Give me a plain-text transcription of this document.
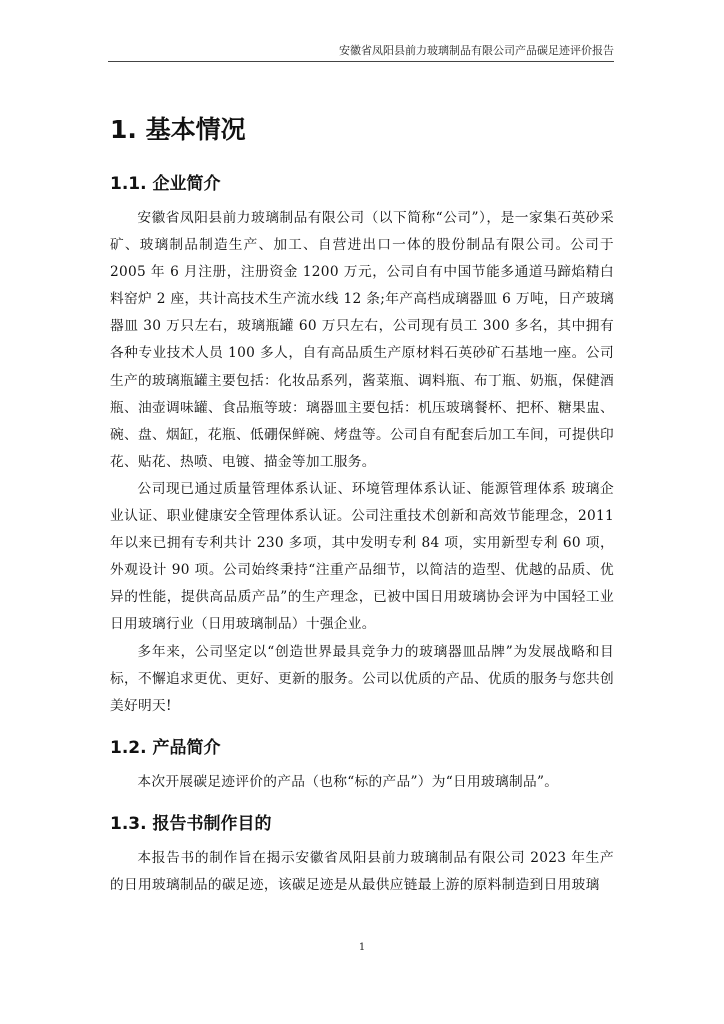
安徽省凤阳县前力玻璃制品有限公司产品碳足迹评价报告
1. 基本情况
1.1. 企业简介

安徽省凤阳县前力玻璃制品有限公司（以下简称“公司”），是一家集石英砂采矿、玻璃制品制造生产、加工、自营进出口一体的股份制品有限公司。公司于 2005 年 6 月注册，注册资金 1200 万元，公司自有中国节能多通道马蹄焰精白料窑炉 2 座，共计高技术生产流水线 12 条;年产高档成璃器皿 6 万吨，日产玻璃器皿 30 万只左右，玻璃瓶罐 60 万只左右，公司现有员工 300 多名，其中拥有各种专业技术人员 100 多人，自有高品质生产原材料石英砂矿石基地一座。公司生产的玻璃瓶罐主要包括：化妆品系列，酱菜瓶、调料瓶、布丁瓶、奶瓶，保健酒瓶、油壶调味罐、食品瓶等玻：璃器皿主要包括：机压玻璃餐杯、把杯、糖果盅、碗、盘、烟缸，花瓶、低硼保鲜碗、烤盘等。公司自有配套后加工车间，可提供印花、贴花、热喷、电镀、描金等加工服务。

公司现已通过质量管理体系认证、环境管理体系认证、能源管理体系 玻璃企业认证、职业健康安全管理体系认证。公司注重技术创新和高效节能理念，2011 年以来已拥有专利共计 230 多项，其中发明专利 84 项，实用新型专利 60 项，外观设计 90 项。公司始终秉持“注重产品细节，以简洁的造型、优越的品质、优异的性能，提供高品质产品”的生产理念，已被中国日用玻璃协会评为中国轻工业日用玻璃行业（日用玻璃制品）十强企业。

多年来，公司坚定以“创造世界最具竞争力的玻璃器皿品牌”为发展战略和目标，不懈追求更优、更好、更新的服务。公司以优质的产品、优质的服务与您共创美好明天!

1.2. 产品简介

本次开展碳足迹评价的产品（也称“标的产品”）为“日用玻璃制品”。

1.3. 报告书制作目的

本报告书的制作旨在揭示安徽省凤阳县前力玻璃制品有限公司 2023 年生产的日用玻璃制品的碳足迹，该碳足迹是从最供应链最上游的原料制造到日用玻璃

1
